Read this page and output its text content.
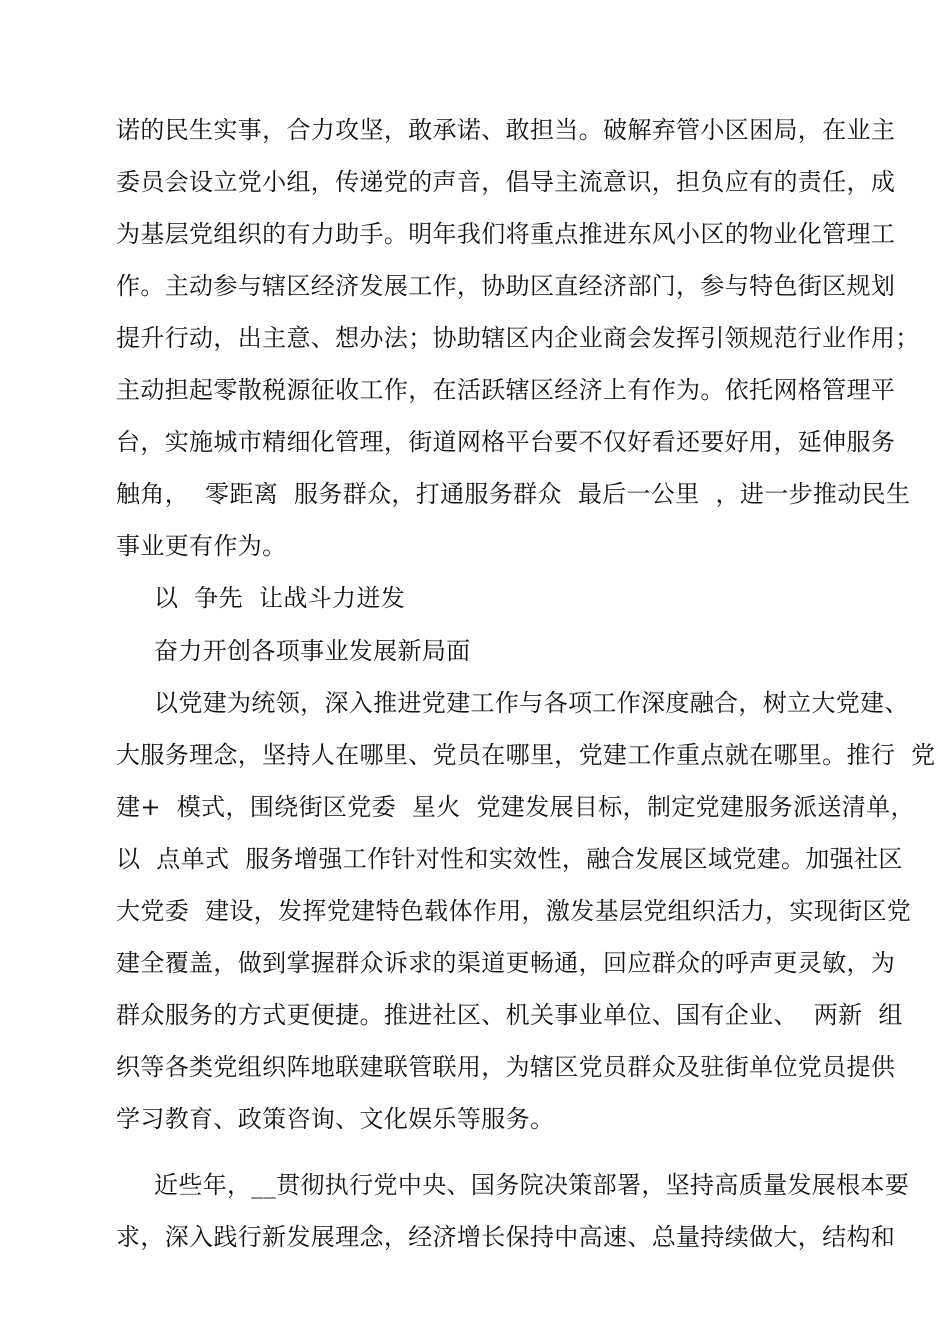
诺的民生实事，合力攻坚，敢承诺、敢担当。破解弃管小区困局，在业主
委员会设立党小组，传递党的声音，倡导主流意识，担负应有的责任，成
为基层党组织的有力助手。明年我们将重点推进东风小区的物业化管理工
作。主动参与辖区经济发展工作，协助区直经济部门，参与特色街区规划
提升行动，出主意、想办法；协助辖区内企业商会发挥引领规范行业作用；
主动担起零散税源征收工作，在活跃辖区经济上有作为。依托网格管理平
台，实施城市精细化管理，街道网格平台要不仅好看还要好用，延伸服务
触角，  零距离  服务群众，打通服务群众  最后一公里  ，进一步推动民生
事业更有作为。
以  争先  让战斗力迸发
奋力开创各项事业发展新局面
以党建为统领，深入推进党建工作与各项工作深度融合，树立大党建、
大服务理念，坚持人在哪里、党员在哪里，党建工作重点就在哪里。推行  党
建+  模式，围绕街区党委  星火  党建发展目标，制定党建服务派送清单，
以  点单式  服务增强工作针对性和实效性，融合发展区域党建。加强社区
大党委  建设，发挥党建特色载体作用，激发基层党组织活力，实现街区党
建全覆盖，做到掌握群众诉求的渠道更畅通，回应群众的呼声更灵敏，为
群众服务的方式更便捷。推进社区、机关事业单位、国有企业、  两新  组
织等各类党组织阵地联建联管联用，为辖区党员群众及驻街单位党员提供
学习教育、政策咨询、文化娱乐等服务。
近些年，__贯彻执行党中央、国务院决策部署，坚持高质量发展根本要
求，深入践行新发展理念，经济增长保持中高速、总量持续做大，结构和
